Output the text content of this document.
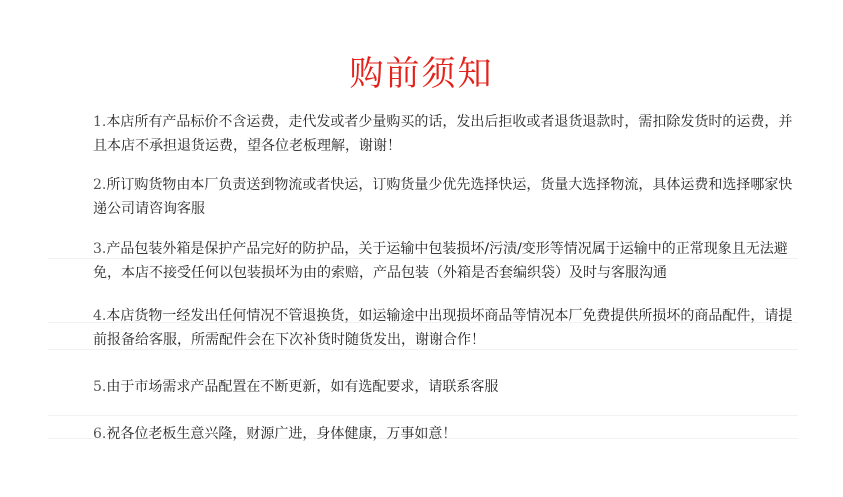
购前须知
1.本店所有产品标价不含运费，走代发或者少量购买的话，发出后拒收或者退货退款时，需扣除发货时的运费，并且本店不承担退货运费，望各位老板理解，谢谢！
2.所订购货物由本厂负责送到物流或者快运，订购货量少优先选择快运，货量大选择物流，具体运费和选择哪家快递公司请咨询客服
3.产品包装外箱是保护产品完好的防护品，关于运输中包装损坏/污渍/变形等情况属于运输中的正常现象且无法避免，本店不接受任何以包装损坏为由的索赔，产品包装（外箱是否套编织袋）及时与客服沟通
4.本店货物一经发出任何情况不管退换货，如运输途中出现损坏商品等情况本厂免费提供所损坏的商品配件，请提前报备给客服，所需配件会在下次补货时随货发出，谢谢合作！
5.由于市场需求产品配置在不断更新，如有选配要求，请联系客服
6.祝各位老板生意兴隆，财源广进，身体健康，万事如意！
